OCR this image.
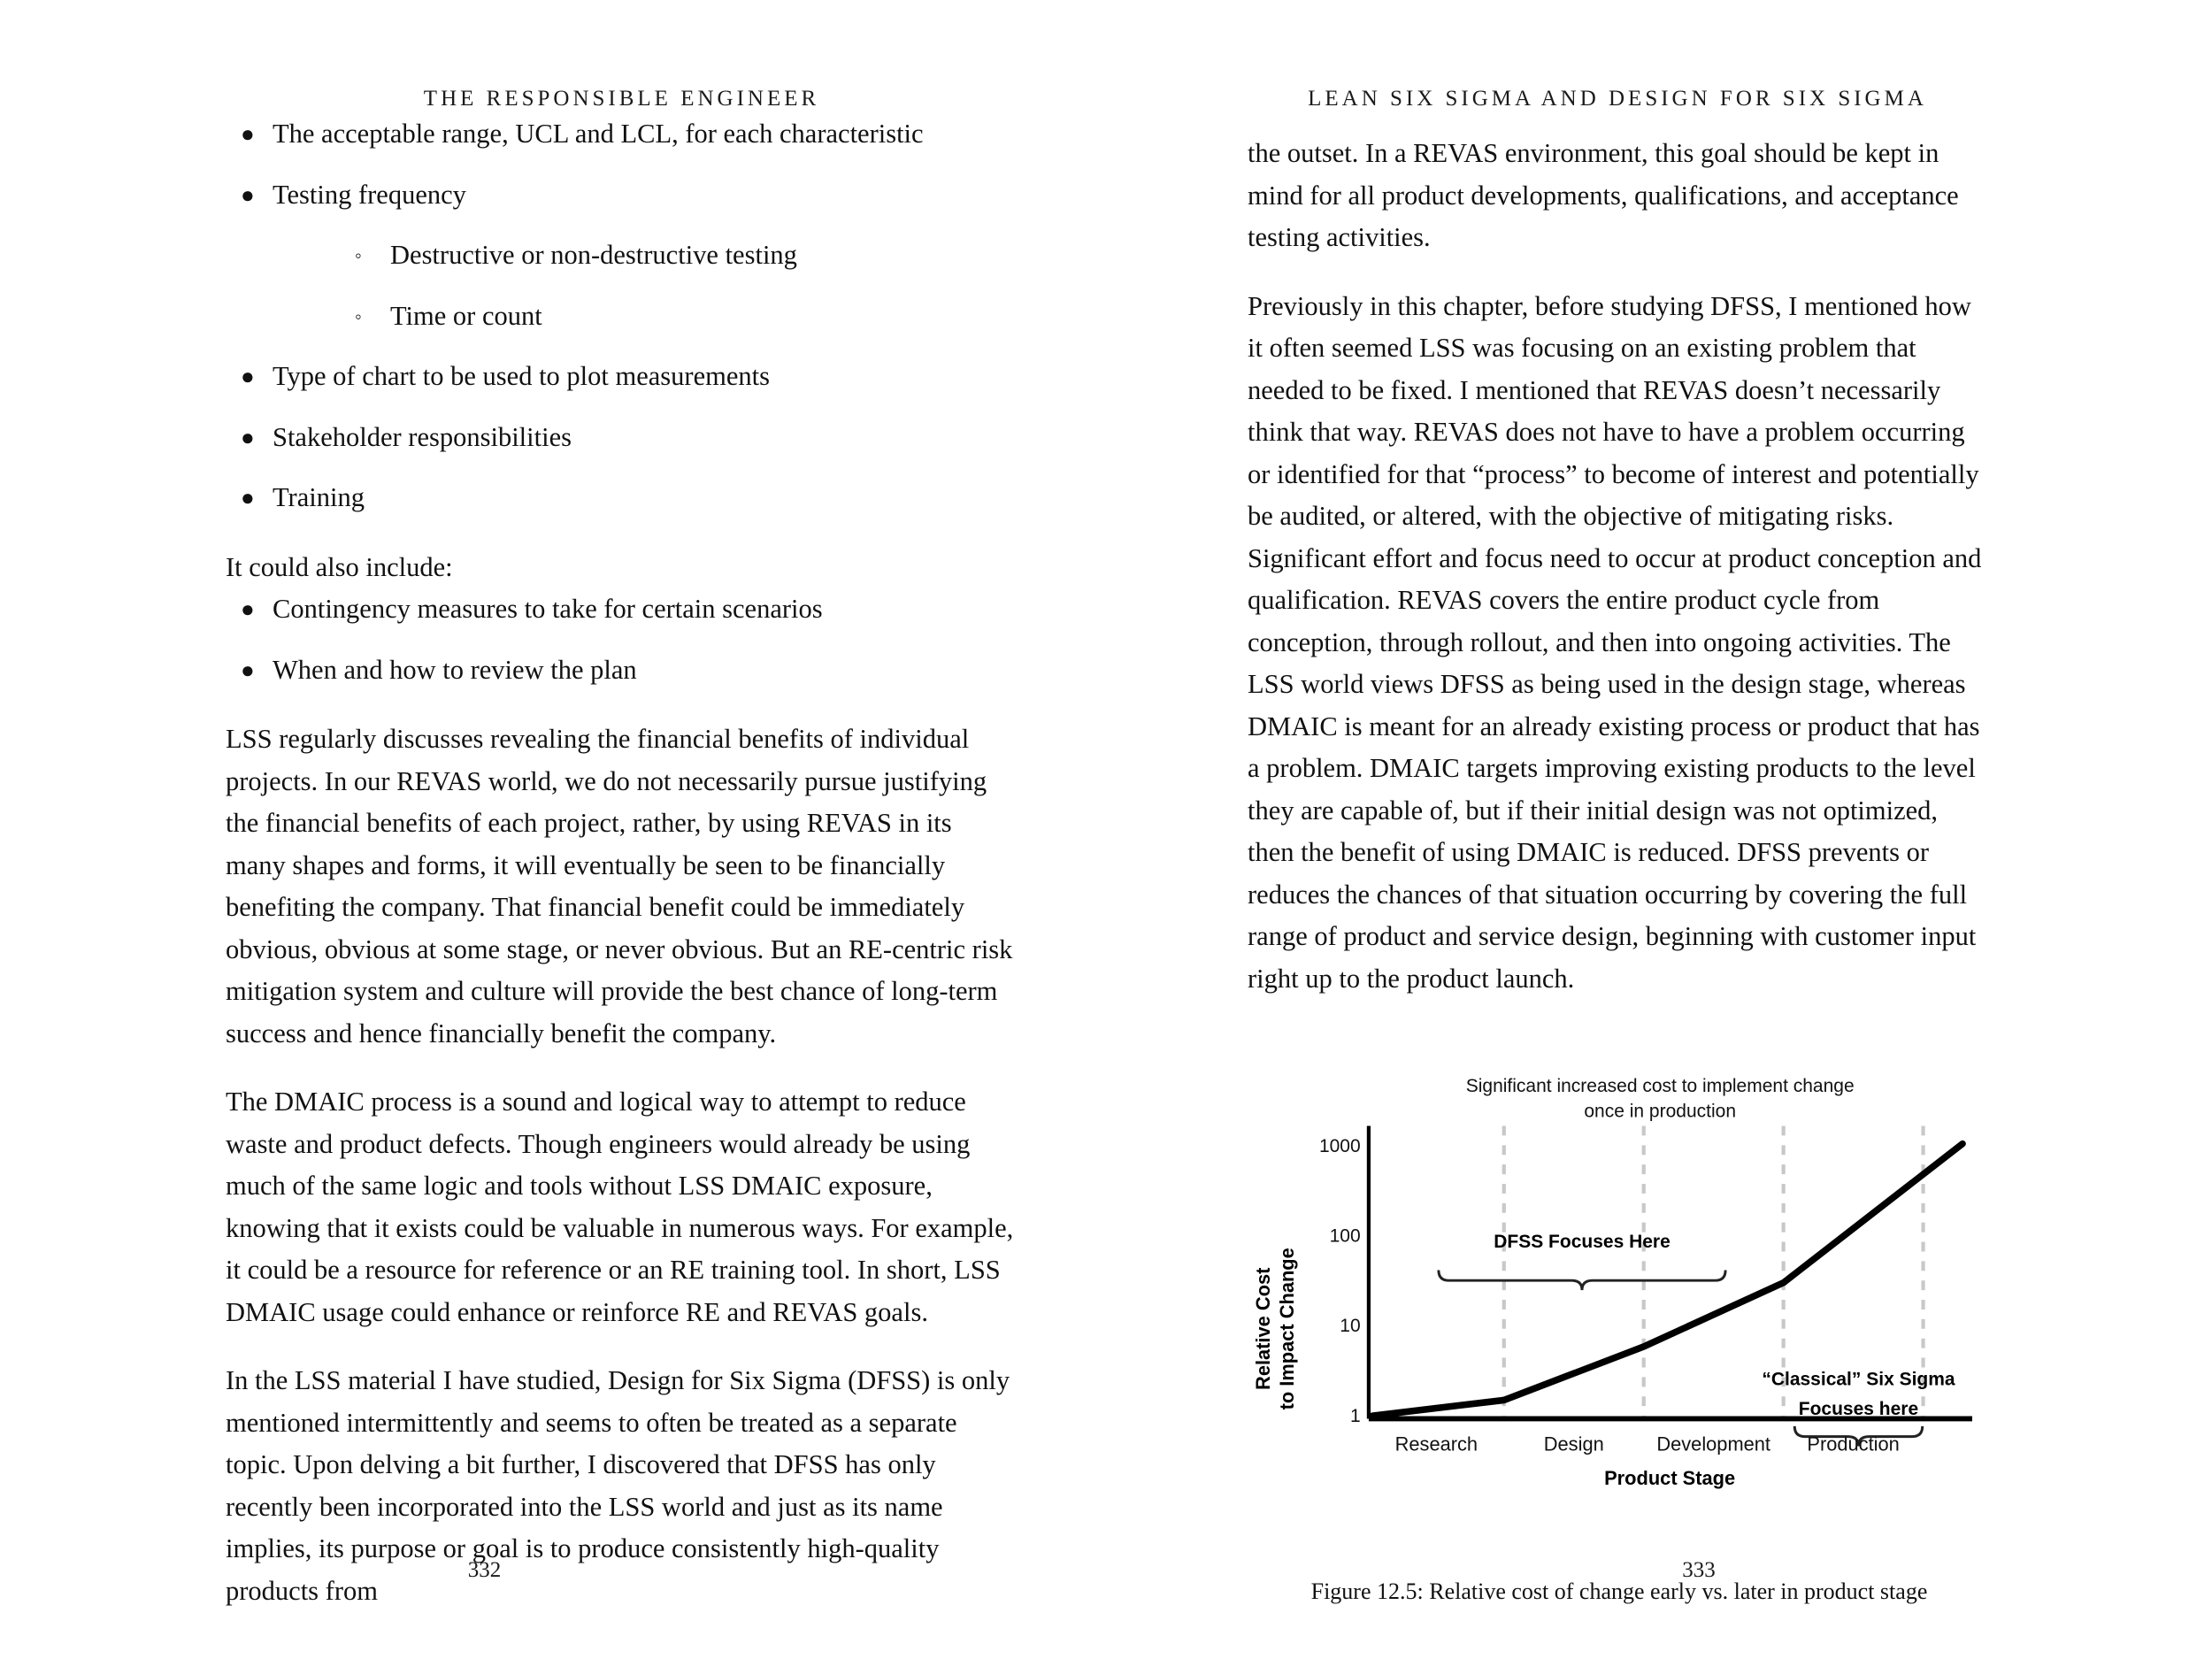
THE RESPONSIBLE ENGINEER
● The acceptable range, UCL and LCL, for each characteristic
● Testing frequency
◦ Destructive or non-destructive testing
◦ Time or count
● Type of chart to be used to plot measurements
● Stakeholder responsibilities
● Training

It could also include:

● Contingency measures to take for certain scenarios
● When and how to review the plan

LSS regularly discusses revealing the financial benefits of individual projects. In our REVAS world, we do not necessarily pursue justifying the financial benefits of each project, rather, by using REVAS in its many shapes and forms, it will eventually be seen to be financially benefiting the company. That financial benefit could be immediately obvious, obvious at some stage, or never obvious. But an RE-centric risk mitigation system and culture will provide the best chance of long-term success and hence financially benefit the company.

The DMAIC process is a sound and logical way to attempt to reduce waste and product defects. Though engineers would already be using much of the same logic and tools without LSS DMAIC exposure, knowing that it exists could be valuable in numerous ways. For example, it could be a resource for reference or an RE training tool. In short, LSS DMAIC usage could enhance or reinforce RE and REVAS goals.

In the LSS material I have studied, Design for Six Sigma (DFSS) is only mentioned intermittently and seems to often be treated as a separate topic. Upon delving a bit further, I discovered that DFSS has only recently been incorporated into the LSS world and just as its name implies, its purpose or goal is to produce consistently high-quality products from

332
LEAN SIX SIGMA AND DESIGN FOR SIX SIGMA

the outset. In a REVAS environment, this goal should be kept in mind for all product developments, qualifications, and acceptance testing activities.

Previously in this chapter, before studying DFSS, I mentioned how it often seemed LSS was focusing on an existing problem that needed to be fixed. I mentioned that REVAS doesn’t necessarily think that way. REVAS does not have to have a problem occurring or identified for that “process” to become of interest and potentially be audited, or altered, with the objective of mitigating risks. Significant effort and focus need to occur at product conception and qualification. REVAS covers the entire product cycle from conception, through rollout, and then into ongoing activities. The LSS world views DFSS as being used in the design stage, whereas DMAIC is meant for an already existing process or product that has a problem. DMAIC targets improving existing products to the level they are capable of, but if their initial design was not optimized, then the benefit of using DMAIC is reduced. DFSS prevents or reduces the chances of that situation occurring by covering the full range of product and service design, beginning with customer input right up to the product launch.

Significant increased cost to implement change
once in production
Relative Cost to Impact Change
1000
100
10
1
DFSS Focuses Here
“Classical” Six Sigma
Focuses here
Research	Design Development Production
Product Stage
Figure 12.5: Relative cost of change early vs. later in product stage
333
